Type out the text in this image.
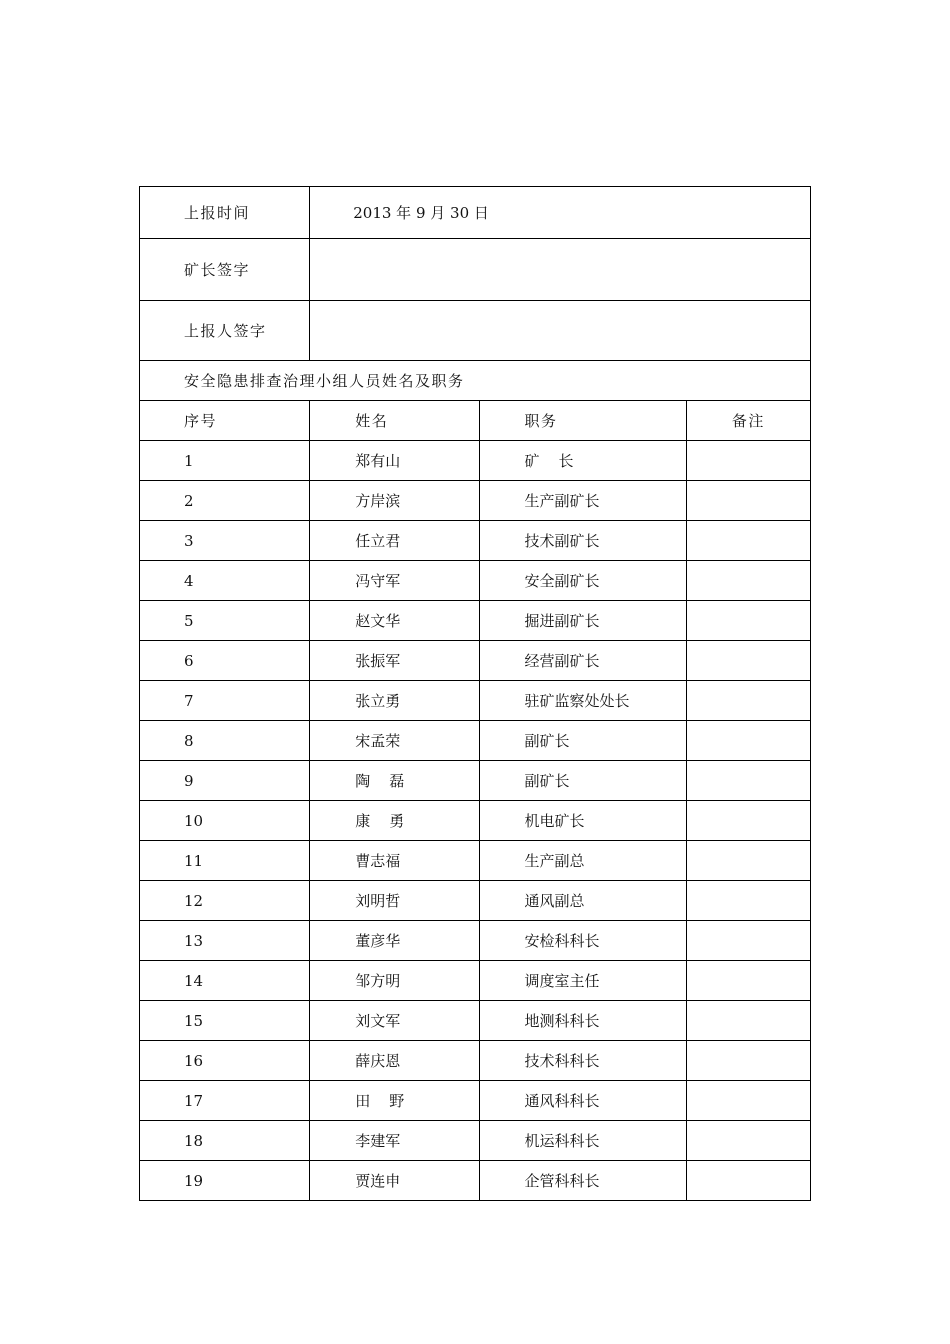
上报时间	2013 年 9 月 30 日		
矿长签字			
上报人签字			
安全隐患排查治理小组人员姓名及职务			
序号	姓名	职务	备注
1	郑有山	矿    长	
2	方岸滨	生产副矿长	
3	任立君	技术副矿长	
4	冯守军	安全副矿长	
5	赵文华	掘进副矿长	
6	张振军	经营副矿长	
7	张立勇	驻矿监察处处长	
8	宋孟荣	副矿长	
9	陶    磊	副矿长	
10	康    勇	机电矿长	
11	曹志福	生产副总	
12	刘明哲	通风副总	
13	董彦华	安检科科长	
14	邹方明	调度室主任	
15	刘文军	地测科科长	
16	薛庆恩	技术科科长	
17	田    野	通风科科长	
18	李建军	机运科科长	
19	贾连申	企管科科长	
